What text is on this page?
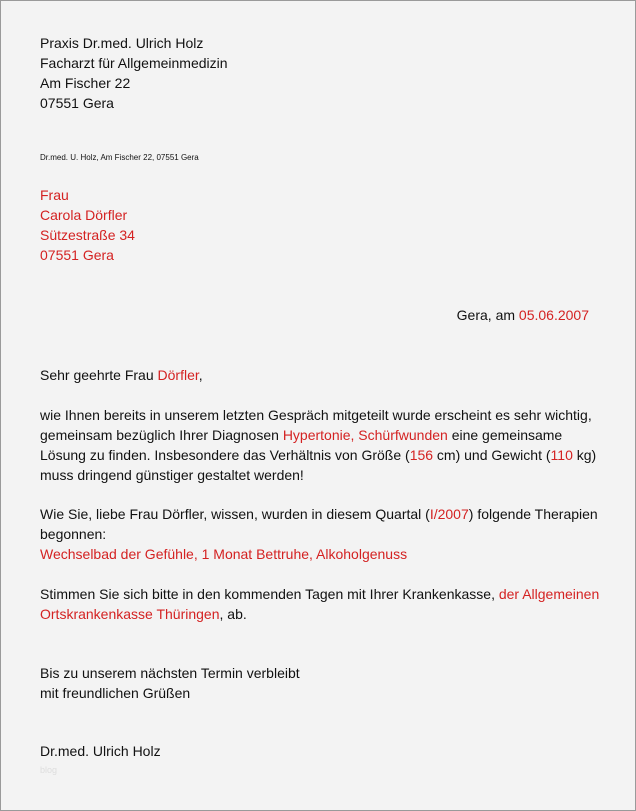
Praxis Dr.med. Ulrich Holz
Facharzt für Allgemeinmedizin
Am Fischer 22
07551 Gera
Dr.med. U. Holz, Am Fischer 22, 07551 Gera
Frau
Carola Dörfler
Sützestraße 34
07551 Gera
Gera, am 05.06.2007
Sehr geehrte Frau Dörfler,
wie Ihnen bereits in unserem letzten Gespräch mitgeteilt wurde erscheint es sehr wichtig,
gemeinsam bezüglich Ihrer Diagnosen Hypertonie, Schürfwunden eine gemeinsame
Lösung zu finden. Insbesondere das Verhältnis von Größe (156 cm) und Gewicht (110 kg)
muss dringend günstiger gestaltet werden!
Wie Sie, liebe Frau Dörfler, wissen, wurden in diesem Quartal (I/2007) folgende Therapien
begonnen:
Wechselbad der Gefühle, 1 Monat Bettruhe, Alkoholgenuss
Stimmen Sie sich bitte in den kommenden Tagen mit Ihrer Krankenkasse, der Allgemeinen
Ortskrankenkasse Thüringen, ab.
Bis zu unserem nächsten Termin verbleibt
mit freundlichen Grüßen
Dr.med. Ulrich Holz
blog
